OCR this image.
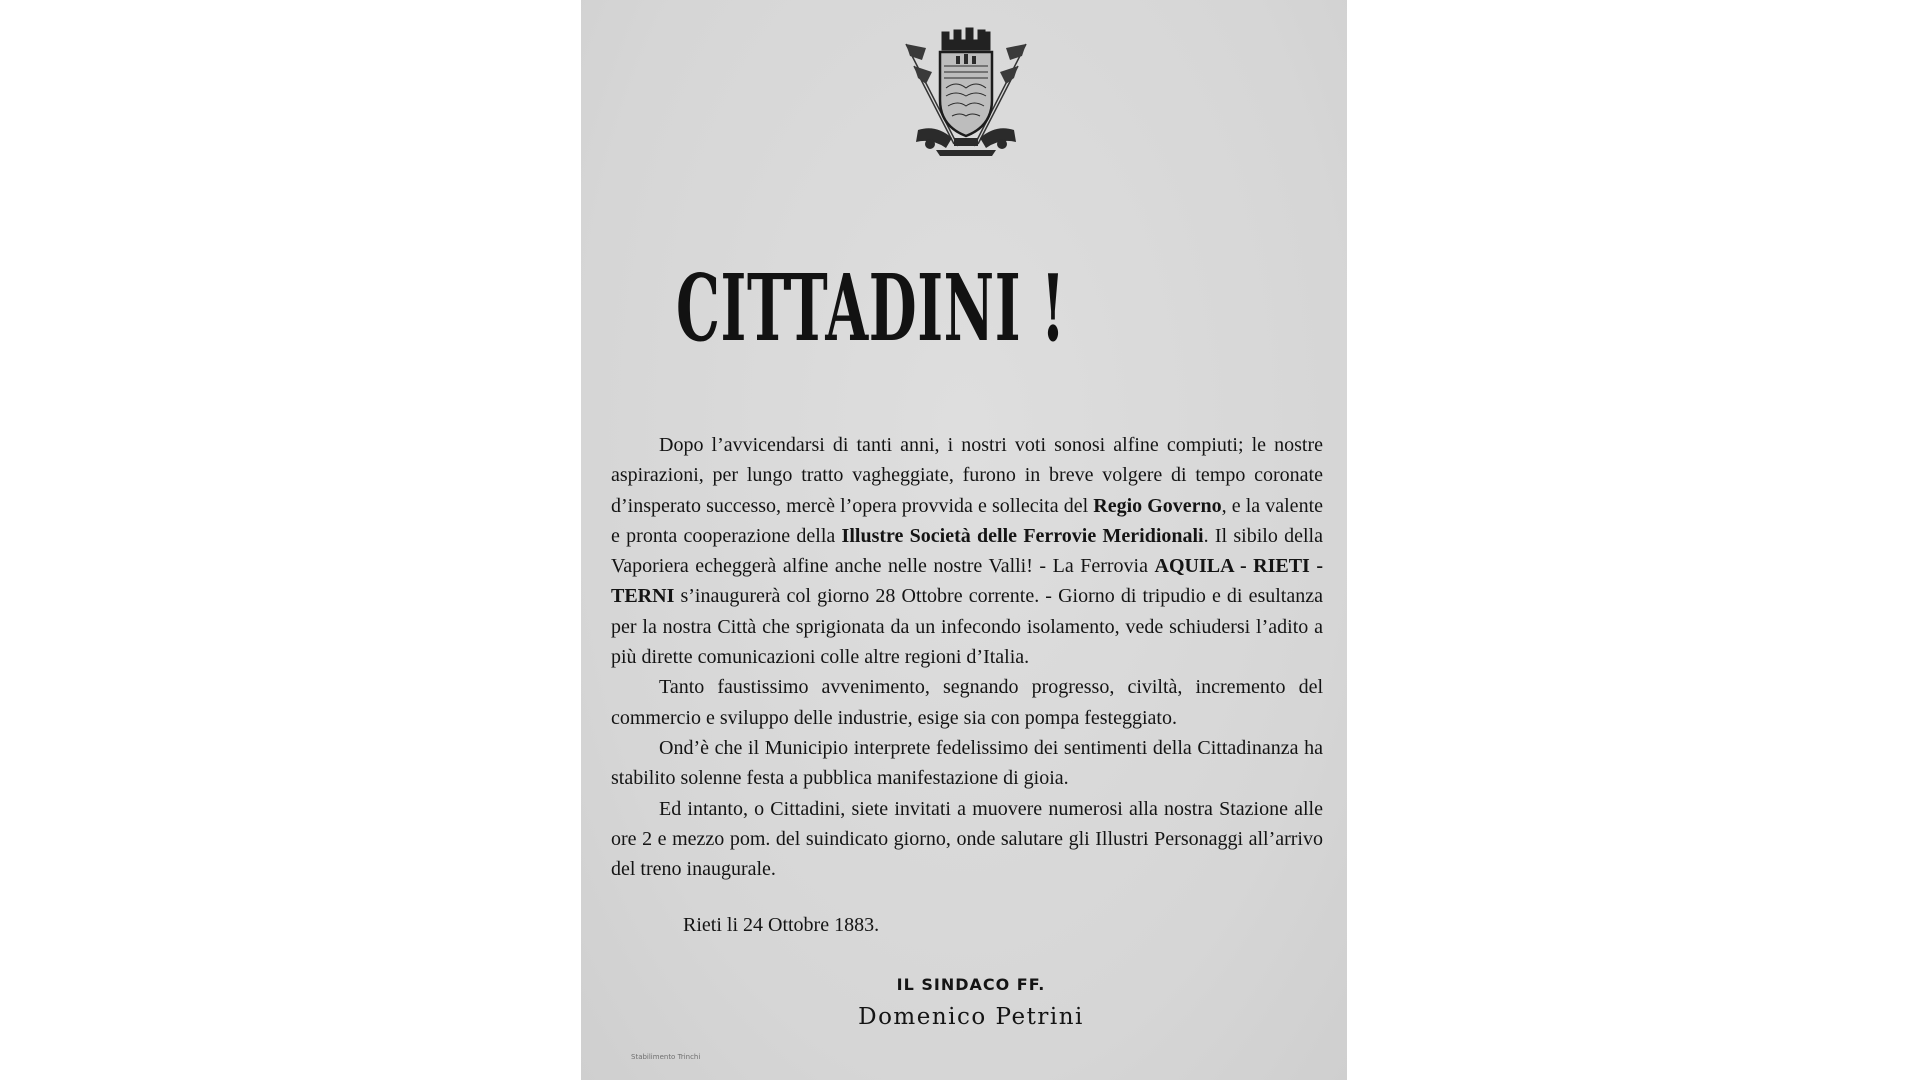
CITTADINI !

Dopo l’avvicendarsi di tanti anni, i nostri voti sonosi alfine compiuti; le nostre aspirazioni, per lungo tratto vagheggiate, furono in breve volgere di tempo coronate d’insperato successo, mercè l’opera provvida e sollecita del Regio Governo, e la valente e pronta cooperazione della Illustre Società delle Ferrovie Meridionali. Il sibilo della Vaporiera echeggerà alfine anche nelle nostre Valli! - La Ferrovia AQUILA - RIETI - TERNI s’inaugurerà col giorno 28 Ottobre corrente. - Giorno di tripudio e di esultanza per la nostra Città che sprigionata da un infecondo isolamento, vede schiudersi l’adito a più dirette comunicazioni colle altre regioni d’Italia.

Tanto faustissimo avvenimento, segnando progresso, civiltà, incremento del commercio e sviluppo delle industrie, esige sia con pompa festeggiato.

Ond’è che il Municipio interprete fedelissimo dei sentimenti della Cittadinanza ha stabilito solenne festa a pubblica manifestazione di gioia.

Ed intanto, o Cittadini, siete invitati a muovere numerosi alla nostra Stazione alle ore 2 e mezzo pom. del suindicato giorno, onde salutare gli Illustri Personaggi all’arrivo del treno inaugurale.

Rieti li 24 Ottobre 1883.
IL SINDACO FF.
Domenico Petrini
Stabilimento Trinchi
